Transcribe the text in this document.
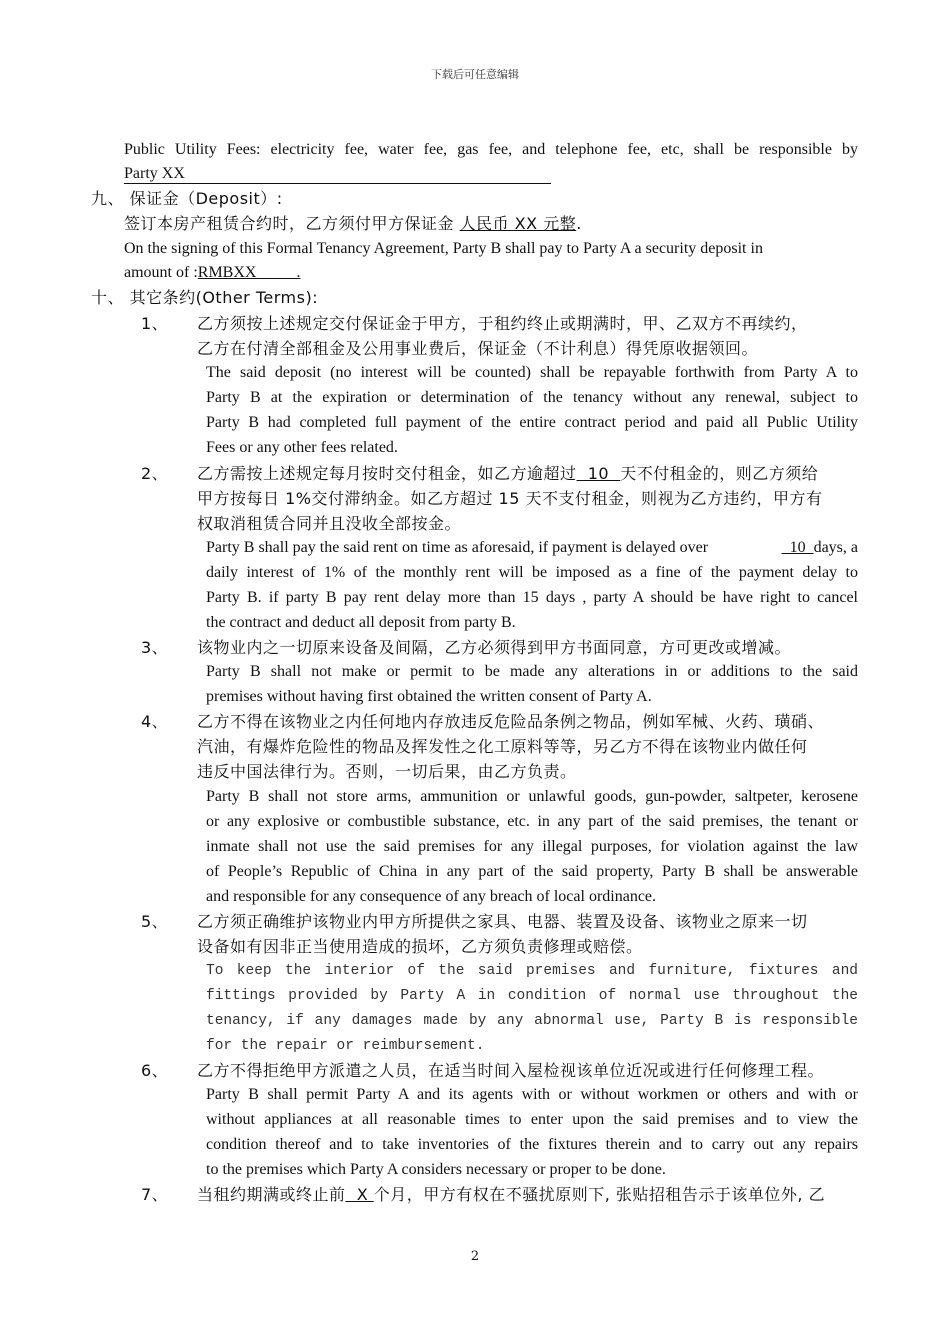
下载后可任意编辑
Public Utility Fees: electricity fee, water fee, gas fee, and telephone fee, etc, shall be responsible by
Party XX
九、 保证金（Deposit）:
签订本房产租赁合约时，乙方须付甲方保证金 人民币 XX 元整.
On the signing of this Formal Tenancy Agreement, Party B shall pay to Party A a security deposit in
amount of :RMBXX          .
十、 其它条约(Other Terms):
1、 乙方须按上述规定交付保证金于甲方，于租约终止或期满时，甲、乙双方不再续约，
乙方在付清全部租金及公用事业费后，保证金（不计利息）得凭原收据领回。
The said deposit (no interest will be counted) shall be repayable forthwith from Party A to
Party B at the expiration or determination of the tenancy without any renewal, subject to
Party B had completed full payment of the entire contract period and paid all Public Utility
Fees or any other fees related.
2、 乙方需按上述规定每月按时交付租金，如乙方逾超过  10  天不付租金的，则乙方须给
甲方按每日 1%交付滞纳金。如乙方超过 15 天不支付租金，则视为乙方违约，甲方有
权取消租赁合同并且没收全部按金。
Party B shall pay the said rent on time as aforesaid, if payment is delayed over	10  days, a
daily interest of 1% of the monthly rent will be imposed as a fine of the payment delay to
Party B. if party B pay rent delay more than 15 days , party A should be have right to cancel
the contract and deduct all deposit from party B.
3、 该物业内之一切原来设备及间隔，乙方必须得到甲方书面同意，方可更改或增减。
Party B shall not make or permit to be made any alterations in or additions to the said
premises without having first obtained the written consent of Party A.
4、 乙方不得在该物业之内任何地内存放违反危险品条例之物品，例如军械、火药、璜硝、
汽油，有爆炸危险性的物品及挥发性之化工原料等等，另乙方不得在该物业内做任何
违反中国法律行为。否则，一切后果，由乙方负责。
Party B shall not store arms, ammunition or unlawful goods, gun-powder, saltpeter, kerosene
or any explosive or combustible substance, etc. in any part of the said premises, the tenant or
inmate shall not use the said premises for any illegal purposes, for violation against the law
of People’s Republic of China in any part of the said property, Party B shall be answerable
and responsible for any consequence of any breach of local ordinance.
5、 乙方须正确维护该物业内甲方所提供之家具、电器、装置及设备、该物业之原来一切
设备如有因非正当使用造成的损坏，乙方须负责修理或赔偿。
To keep the interior of the said premises and furniture, fixtures and
fittings provided by Party A in condition of normal use throughout the
tenancy, if any damages made by any abnormal use, Party B is responsible
for the repair or reimbursement.
6、 乙方不得拒绝甲方派遣之人员，在适当时间入屋检视该单位近况或进行任何修理工程。
Party B shall permit Party A and its agents with or without workmen or others and with or
without appliances at all reasonable times to enter upon the said premises and to view the
condition thereof and to take inventories of the fixtures therein and to carry out any repairs
to the premises which Party A considers necessary or proper to be done.
7、 当租约期满或终止前  X 个月，甲方有权在不骚扰原则下, 张贴招租告示于该单位外, 乙
2
